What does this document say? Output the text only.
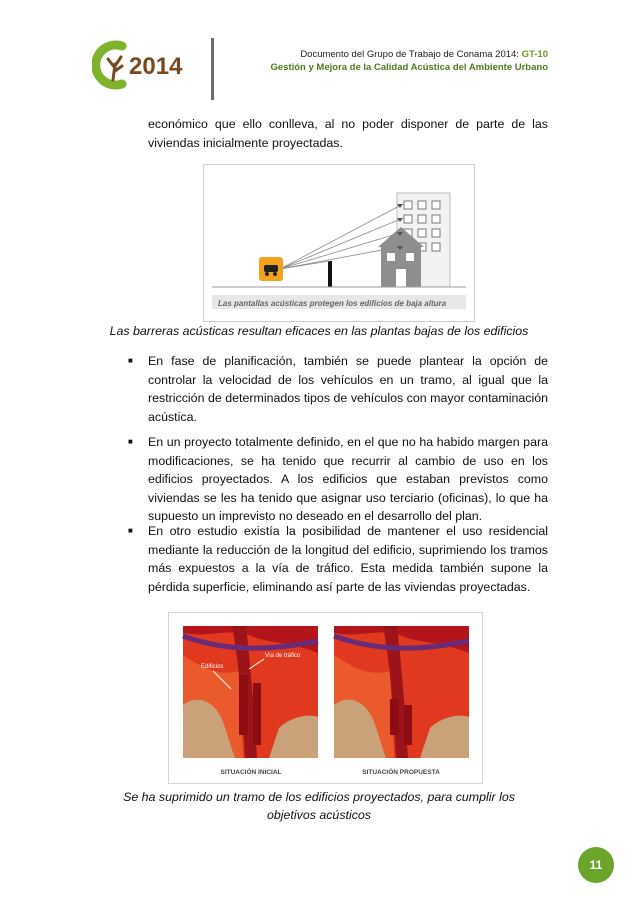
2014	Documento del Grupo de Trabajo de Conama 2014: GT-10
Gestión y Mejora de la Calidad Acústica del Ambiente Urbano
económico que ello conlleva, al no poder disponer de parte de las viviendas inicialmente proyectadas.
Las pantallas acústicas protegen los edificios de baja altura
Las barreras acústicas resultan eficaces en las plantas bajas de los edificios
■	En fase de planificación, también se puede plantear la opción de controlar la velocidad de los vehículos en un tramo, al igual que la restricción de determinados tipos de vehículos con mayor contaminación acústica.
■	En un proyecto totalmente definido, en el que no ha habido margen para modificaciones, se ha tenido que recurrir al cambio de uso en los edificios proyectados. A los edificios que estaban previstos como viviendas se les ha tenido que asignar uso terciario (oficinas), lo que ha supuesto un imprevisto no deseado en el desarrollo del plan.
■	En otro estudio existía la posibilidad de mantener el uso residencial mediante la reducción de la longitud del edificio, suprimiendo los tramos más expuestos a la vía de tráfico. Esta medida también supone la pérdida superficie, eliminando así parte de las viviendas proyectadas.
Edificios
Vía de tráfico
SITUACIÓN INICIAL	SITUACIÓN PROPUESTA
Se ha suprimido un tramo de los edificios proyectados, para cumplir los
objetivos acústicos
11
